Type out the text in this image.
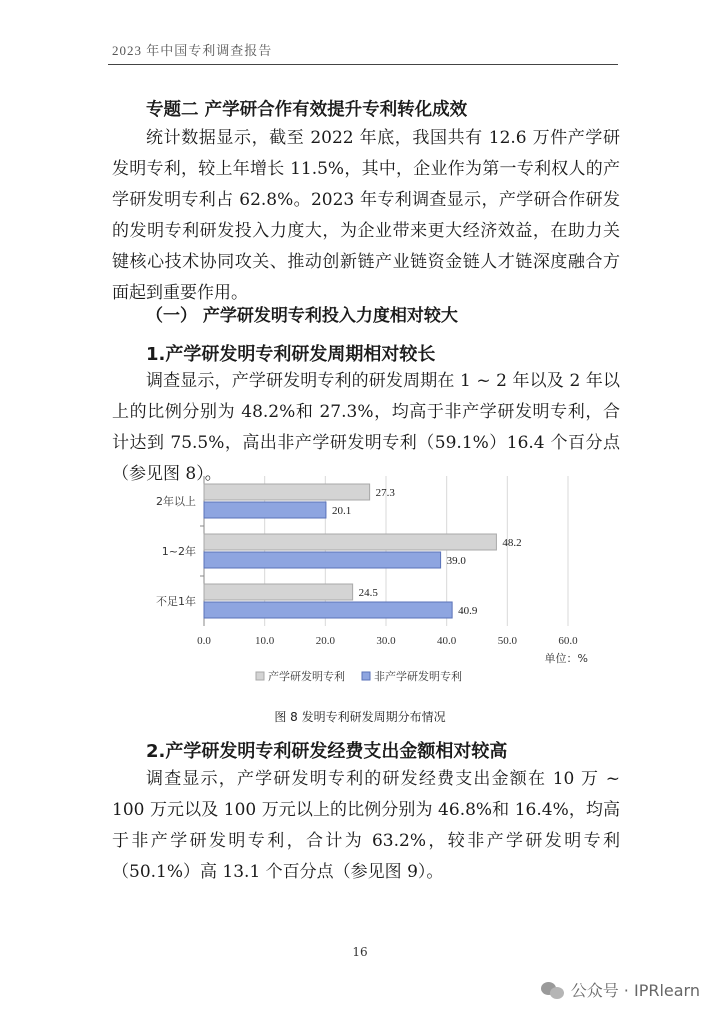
2023 年中国专利调查报告
专题二 产学研合作有效提升专利转化成效
统计数据显示，截至 2022 年底，我国共有 12.6 万件产学研发明专利，较上年增长 11.5%，其中，企业作为第一专利权人的产学研发明专利占 62.8%。2023 年专利调查显示，产学研合作研发的发明专利研发投入力度大，为企业带来更大经济效益，在助力关键核心技术协同攻关、推动创新链产业链资金链人才链深度融合方面起到重要作用。
（一） 产学研发明专利投入力度相对较大
1.产学研发明专利研发周期相对较长
调查显示，产学研发明专利的研发周期在 1 ~ 2 年以及 2 年以上的比例分别为 48.2%和 27.3%，均高于非产学研发明专利，合计达到 75.5%，高出非产学研发明专利（59.1%）16.4 个百分点（参见图 8）。
0.0	10.0	20.0	30.0	40.0	50.0	60.0
2年以上
27.3
20.1
1~2年
48.2
39.0
不足1年
24.5
40.9
单位：%
产学研发明专利	非产学研发明专利
图 8 发明专利研发周期分布情况
2.产学研发明专利研发经费支出金额相对较高
调查显示，产学研发明专利的研发经费支出金额在 10 万 ~ 100 万元以及 100 万元以上的比例分别为 46.8%和 16.4%，均高于非产学研发明专利，合计为 63.2%，较非产学研发明专利（50.1%）高 13.1 个百分点（参见图 9）。
16
公众号 · IPRlearn
